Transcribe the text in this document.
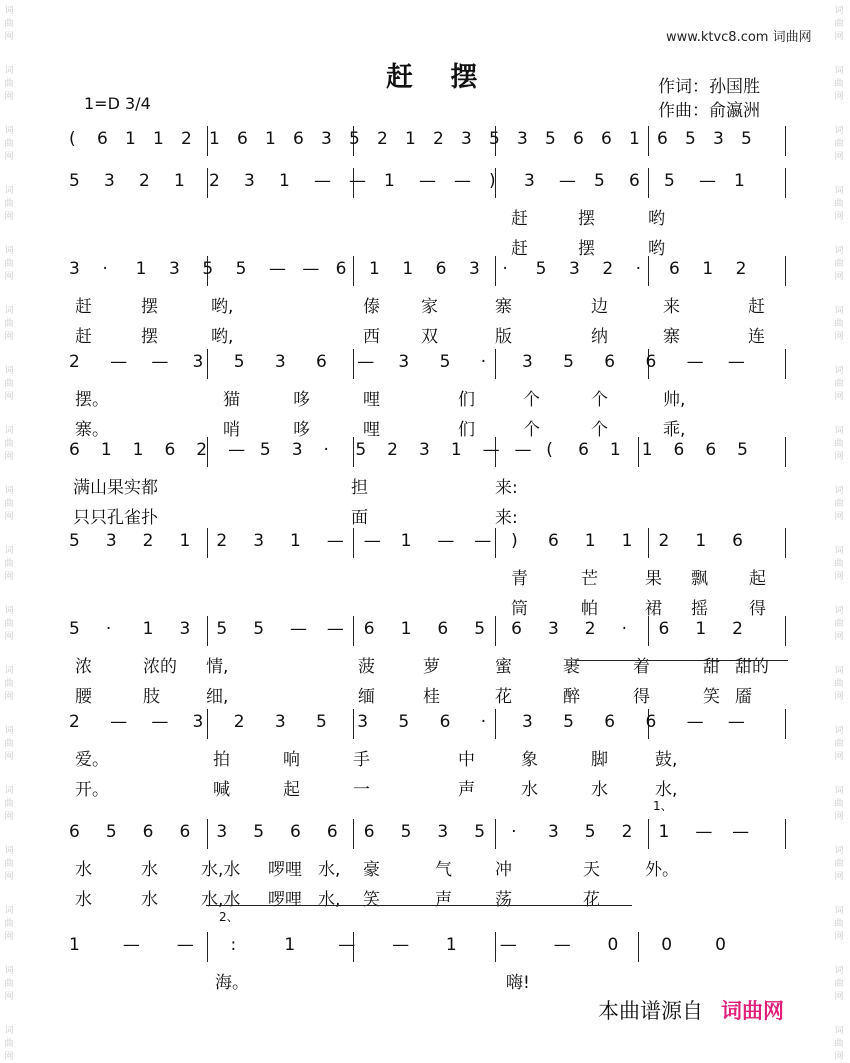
词
曲
网
词
曲
网
词
曲
网
词
曲
网
词
曲
网
词
曲
网
词
曲
网
词
曲
网
词
曲
网
词
曲
网
词
曲
网
词
曲
网
词
曲
网
词
曲
网
词
曲
网
词
曲
网
词
曲
网
词
曲
网
词
曲
网
词
曲
网
词
曲
网
词
曲
网
词
曲
网
词
曲
网
词
曲
网
词
曲
网
词
曲
网
词
曲
网
词
曲
网
词
曲
网
词
曲
网
词
曲
网
词
曲
网
词
曲
网
词
曲
网
词
曲
网
www.ktvc8.com 词曲网
赶 摆	作词：孙国胜
作曲：俞瀛洲
1=D 3/4
( 6 1 1 2 1 6 1 6 3 5 2 1 2 3 5 3 5 6 6 1 6 5 3 5
5 3 2 1 2 3 1 — — 1 — — ) 3 — 5 6 5 — 1
赶	摆	哟
赶	摆	哟
3 · 1 3 5 5 — — 6 1 1 6 3 · 5 3 2 · 6 1 2
赶	摆	哟,	傣 家	寨	边	来	赶
赶	摆	哟,	西 双	版	纳	寨	连
2 — — 3 5 3 6 — 3 5 · 3 5 6 6 — —
摆。	猫	哆	哩	们	个	个	帅,
寨。	哨	哆	哩	们	个	个	乖,
6 1 1 6 2 — 5 3 · 5 2 3 1 — — ( 6 1 1 6 6 5
满山果实都	担	来:
只只孔雀扑	面	来:
5 3 2 1 2 3 1 — — 1 — — ) 6 1 1 2 1 6
青	芒	果 飘 起
筒	帕	裙 摇 得
5 · 1 3 5 5 — — 6 1 6 5 6 3 2 · 6 1 2
浓	浓的 情,	菠	萝	蜜	裹	着	甜 甜的
腰	肢	细,	缅	桂	花	醉	得	笑 靥
2 — — 3 2 3 5 3 5 6 · 3 5 6 6 — —
爱。	拍	响	手	中	象	脚	鼓,
开。	喊	起	一	声	水	水	水,
6 5 6 6 3 5 6 6 6 5 3 5 · 3 5 2 1 — —
水	水	水,水 啰哩 水, 豪	气	冲	天	外。
水	水	水,水 啰哩 水, 笑	声	荡	花
1	— — :	1	— — 1	— — 0	0	0
海。	嗨!
1、
2、
本曲谱源自 词曲网
